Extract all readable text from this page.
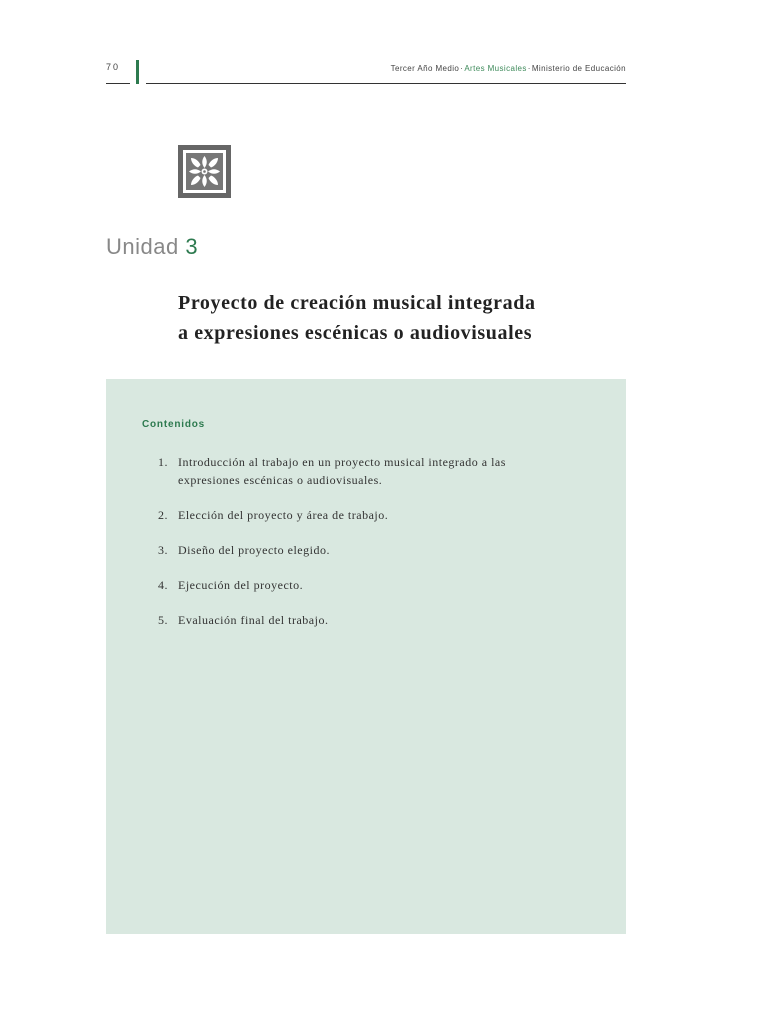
70	Tercer Año Medio·Artes Musicales·Ministerio de Educación
Unidad 3
Proyecto de creación musical integrada
a expresiones escénicas o audiovisuales
Contenidos
1. Introducción al trabajo en un proyecto musical integrado a las expresiones escénicas o audiovisuales.
2. Elección del proyecto y área de trabajo.
3. Diseño del proyecto elegido.
4. Ejecución del proyecto.
5. Evaluación final del trabajo.
